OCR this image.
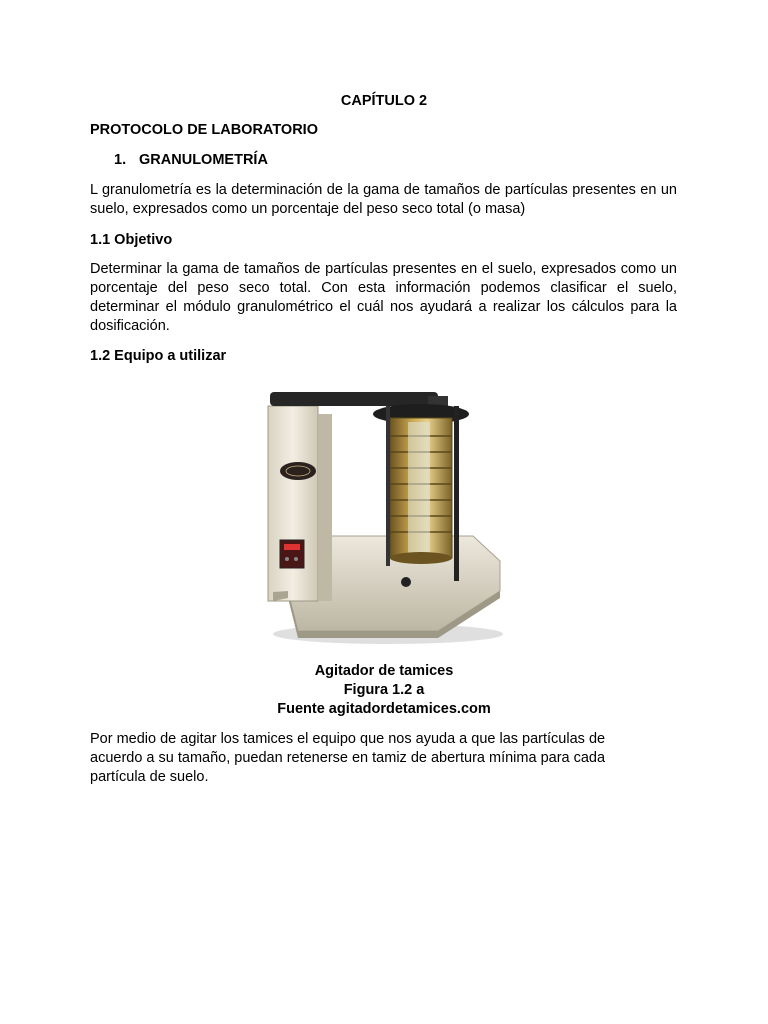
CAPÍTULO 2
PROTOCOLO DE LABORATORIO
1. GRANULOMETRÍA
L granulometría es la determinación de la gama de tamaños de partículas presentes en un suelo, expresados como un porcentaje del peso seco total (o masa)
1.1 Objetivo
Determinar la gama de tamaños de partículas presentes en el suelo, expresados como un porcentaje del peso seco total. Con esta información podemos clasificar el suelo, determinar el módulo granulométrico el cuál nos ayudará a realizar los cálculos para la dosificación.
1.2 Equipo a utilizar
Agitador de tamices
Figura 1.2 a
Fuente agitadordetamices.com
Por medio de agitar los tamices el equipo que nos ayuda a que las partículas de acuerdo a su tamaño, puedan retenerse en tamiz de abertura mínima para cada partícula de suelo.
